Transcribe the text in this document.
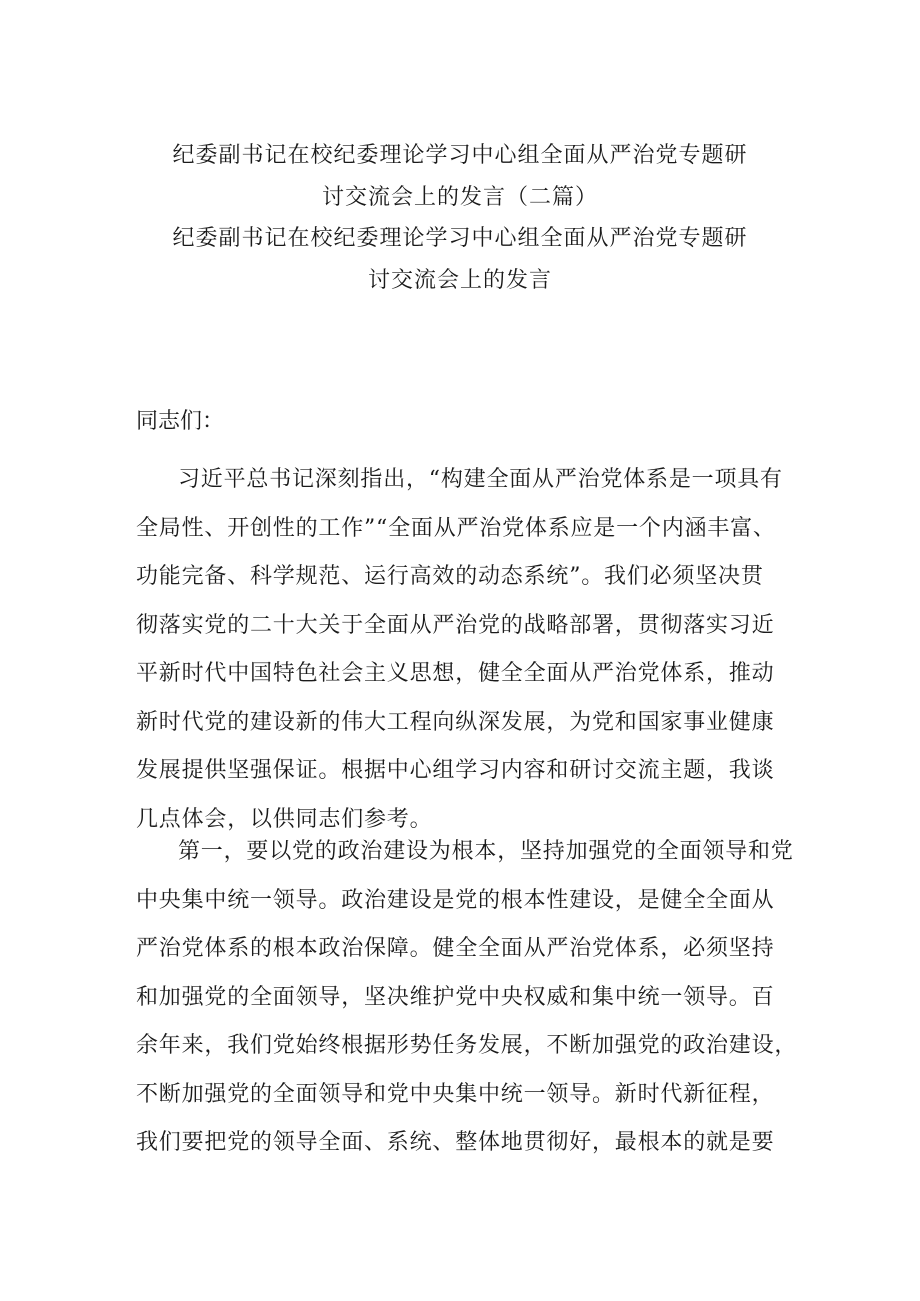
纪委副书记在校纪委理论学习中心组全面从严治党专题研
讨交流会上的发言（二篇）
纪委副书记在校纪委理论学习中心组全面从严治党专题研
讨交流会上的发言
同志们：
习近平总书记深刻指出，“构建全面从严治党体系是一项具有
全局性、开创性的工作”“全面从严治党体系应是一个内涵丰富、
功能完备、科学规范、运行高效的动态系统”。我们必须坚决贯
彻落实党的二十大关于全面从严治党的战略部署，贯彻落实习近
平新时代中国特色社会主义思想，健全全面从严治党体系，推动
新时代党的建设新的伟大工程向纵深发展，为党和国家事业健康
发展提供坚强保证。根据中心组学习内容和研讨交流主题，我谈
几点体会，以供同志们参考。
第一，要以党的政治建设为根本，坚持加强党的全面领导和党
中央集中统一领导。政治建设是党的根本性建设，是健全全面从
严治党体系的根本政治保障。健全全面从严治党体系，必须坚持
和加强党的全面领导，坚决维护党中央权威和集中统一领导。百
余年来，我们党始终根据形势任务发展，不断加强党的政治建设，
不断加强党的全面领导和党中央集中统一领导。新时代新征程，
我们要把党的领导全面、系统、整体地贯彻好，最根本的就是要
